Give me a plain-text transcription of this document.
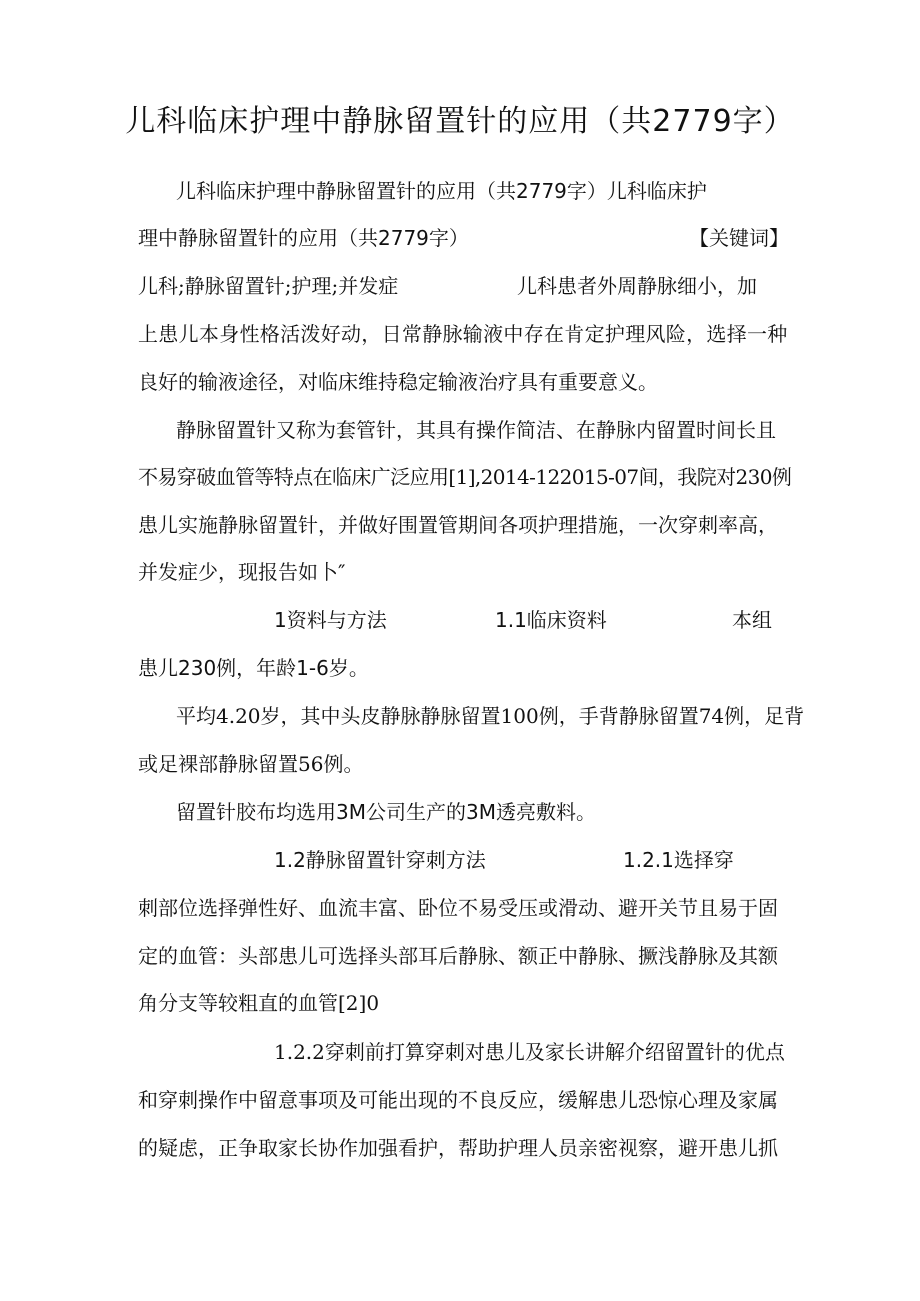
儿科临床护理中静脉留置针的应用（共2779字）
儿科临床护理中静脉留置针的应用（共2779字）儿科临床护
理中静脉留置针的应用（共2779字）	【关键词】
儿科;静脉留置针;护理;并发症	儿科患者外周静脉细小，加
上患儿本身性格活泼好动，日常静脉输液中存在肯定护理风险，选择一种
良好的输液途径，对临床维持稳定输液治疗具有重要意义。
静脉留置针又称为套管针，其具有操作简洁、在静脉内留置时间长且
不易穿破血管等特点在临床广泛应用[1],2014-122015-07间，我院对230例
患儿实施静脉留置针，并做好围置管期间各项护理措施，一次穿刺率高，
并发症少，现报告如卜″
1资料与方法	1.1临床资料	本组
患儿230例，年龄1-6岁。
平均4.20岁，其中头皮静脉静脉留置100例，手背静脉留置74例，足背
或足裸部静脉留置56例。
留置针胶布均选用3M公司生产的3M透亮敷料。
1.2静脉留置针穿刺方法	1.2.1选择穿
刺部位选择弹性好、血流丰富、卧位不易受压或滑动、避开关节且易于固
定的血管：头部患儿可选择头部耳后静脉、额正中静脉、撅浅静脉及其额
角分支等较粗直的血管[2]0
1.2.2穿刺前打算穿刺对患儿及家长讲解介绍留置针的优点
和穿刺操作中留意事项及可能出现的不良反应，缓解患儿恐惊心理及家属
的疑虑，正争取家长协作加强看护，帮助护理人员亲密视察，避开患儿抓
